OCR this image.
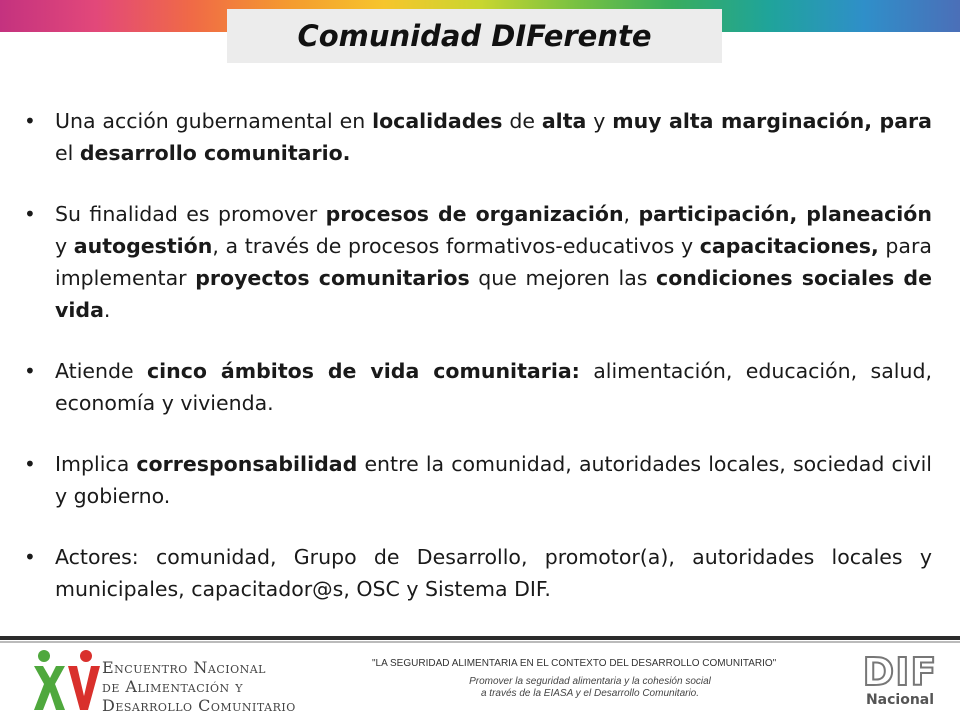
Comunidad DIFerente
• Una acción gubernamental en localidades de alta y muy alta marginación, para el desarrollo comunitario.
• Su finalidad es promover procesos de organización, participación, planeación y autogestión, a través de procesos formativos-educativos y capacitaciones, para implementar proyectos comunitarios que mejoren las condiciones sociales de vida.
• Atiende cinco ámbitos de vida comunitaria: alimentación, educación, salud, economía y vivienda.
• Implica corresponsabilidad entre la comunidad, autoridades locales, sociedad civil y gobierno.
• Actores: comunidad, Grupo de Desarrollo, promotor(a), autoridades locales y municipales, capacitador@s, OSC y Sistema DIF.
Encuentro Nacional
de Alimentación y
Desarrollo Comunitario
"LA SEGURIDAD ALIMENTARIA EN EL CONTEXTO DEL DESARROLLO COMUNITARIO"
Promover la seguridad alimentaria y la cohesión social
a través de la EIASA y el Desarrollo Comunitario.	DIF
Nacional
